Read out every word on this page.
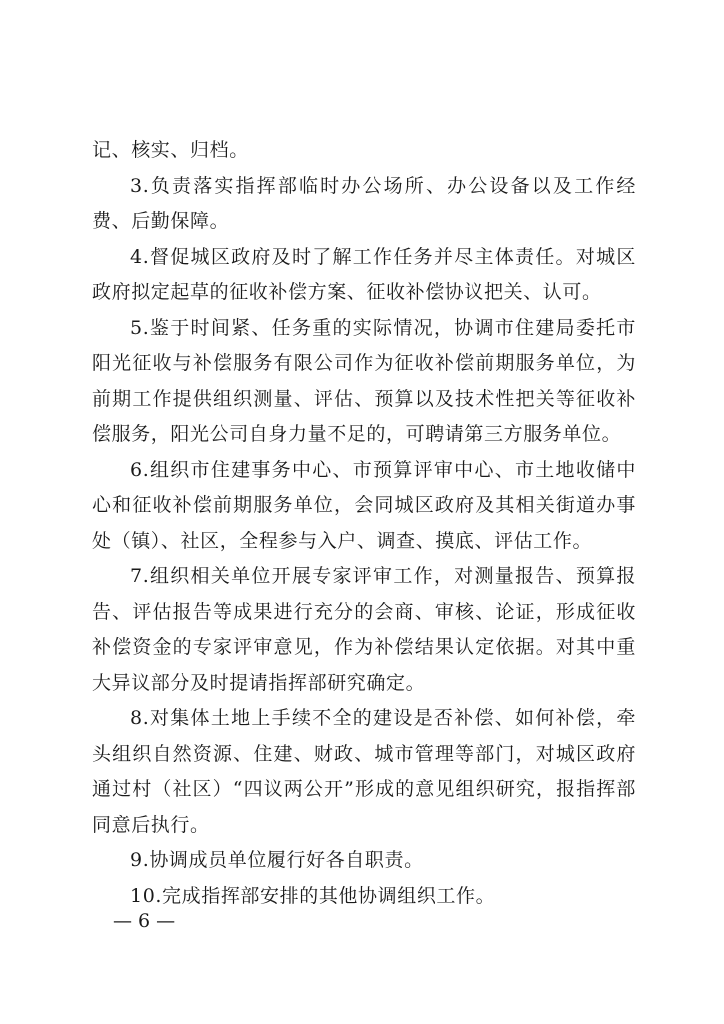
记、核实、归档。

3.负责落实指挥部临时办公场所、办公设备以及工作经费、后勤保障。

4.督促城区政府及时了解工作任务并尽主体责任。对城区政府拟定起草的征收补偿方案、征收补偿协议把关、认可。

5.鉴于时间紧、任务重的实际情况，协调市住建局委托市阳光征收与补偿服务有限公司作为征收补偿前期服务单位，为前期工作提供组织测量、评估、预算以及技术性把关等征收补偿服务，阳光公司自身力量不足的，可聘请第三方服务单位。

6.组织市住建事务中心、市预算评审中心、市土地收储中心和征收补偿前期服务单位，会同城区政府及其相关街道办事处（镇）、社区，全程参与入户、调查、摸底、评估工作。

7.组织相关单位开展专家评审工作，对测量报告、预算报告、评估报告等成果进行充分的会商、审核、论证，形成征收补偿资金的专家评审意见，作为补偿结果认定依据。对其中重大异议部分及时提请指挥部研究确定。

8.对集体土地上手续不全的建设是否补偿、如何补偿，牵头组织自然资源、住建、财政、城市管理等部门，对城区政府通过村（社区）“四议两公开”形成的意见组织研究，报指挥部同意后执行。

9.协调成员单位履行好各自职责。

10.完成指挥部安排的其他协调组织工作。

— 6 —
